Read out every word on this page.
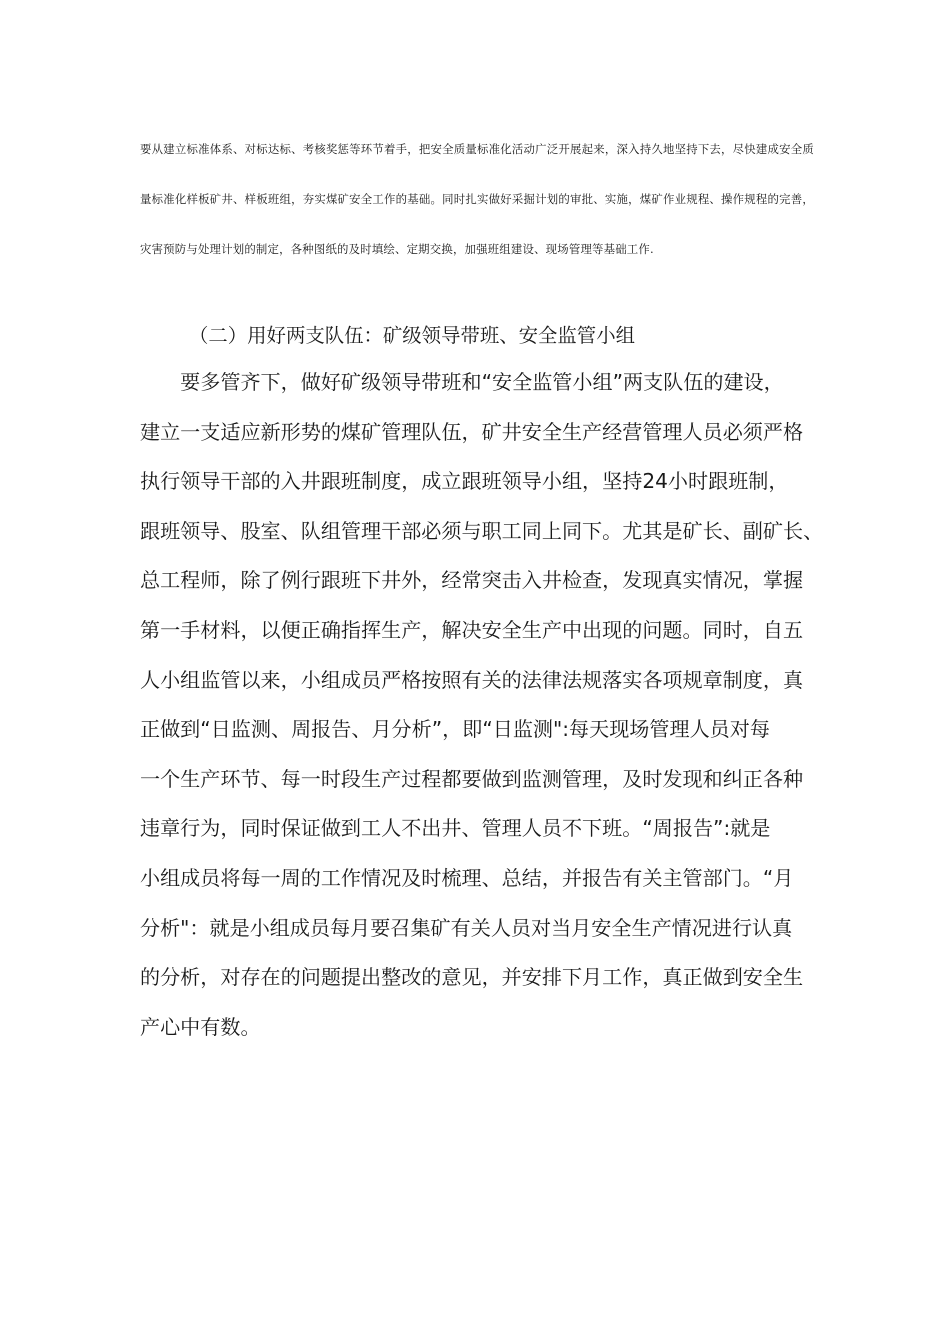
要从建立标准体系、对标达标、考核奖惩等环节着手，把安全质量标准化活动广泛开展起来，深入持久地坚持下去，尽快建成安全质量标准化样板矿井、样板班组，夯实煤矿安全工作的基础。同时扎实做好采掘计划的审批、实施，煤矿作业规程、操作规程的完善，灾害预防与处理计划的制定，各种图纸的及时填绘、定期交换，加强班组建设、现场管理等基础工作.

（二）用好两支队伍：矿级领导带班、安全监管小组
　　要多管齐下，做好矿级领导带班和“安全监管小组”两支队伍的建设，
建立一支适应新形势的煤矿管理队伍，矿井安全生产经营管理人员必须严格
执行领导干部的入井跟班制度，成立跟班领导小组，坚持24小时跟班制，
跟班领导、股室、队组管理干部必须与职工同上同下。尤其是矿长、副矿长、
总工程师，除了例行跟班下井外，经常突击入井检查，发现真实情况，掌握
第一手材料，以便正确指挥生产，解决安全生产中出现的问题。同时，自五
人小组监管以来，小组成员严格按照有关的法律法规落实各项规章制度，真
正做到“日监测、周报告、月分析”，即“日监测":每天现场管理人员对每
一个生产环节、每一时段生产过程都要做到监测管理，及时发现和纠正各种
违章行为，同时保证做到工人不出井、管理人员不下班。“周报告”:就是
小组成员将每一周的工作情况及时梳理、总结，并报告有关主管部门。“月
分析"：就是小组成员每月要召集矿有关人员对当月安全生产情况进行认真
的分析，对存在的问题提出整改的意见，并安排下月工作，真正做到安全生
产心中有数。
